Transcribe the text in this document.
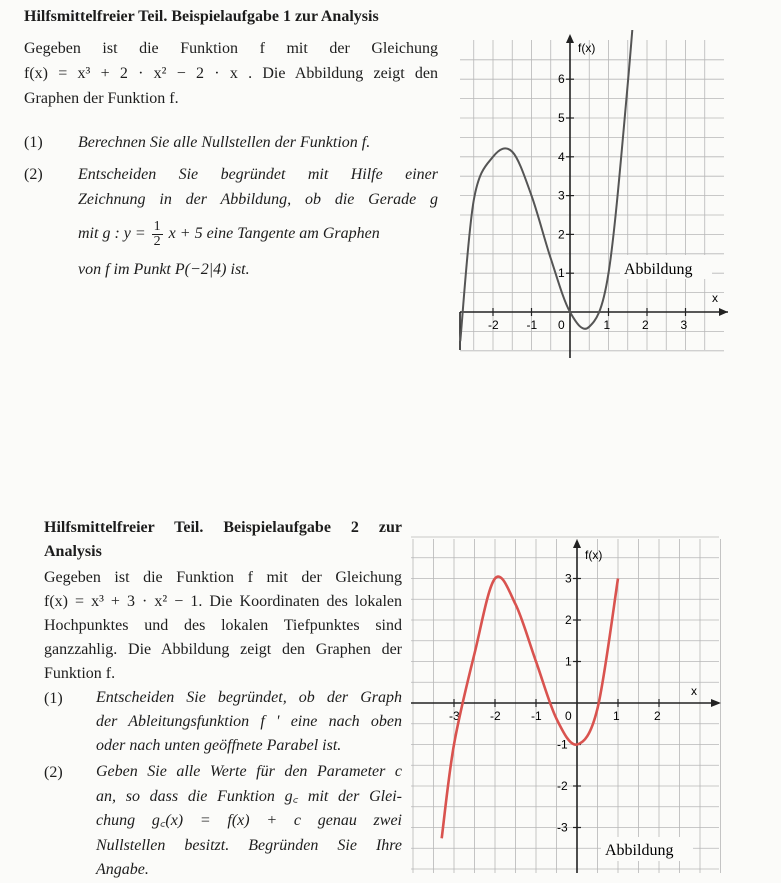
Hilfsmittelfreier Teil. Beispielaufgabe 1 zur Analysis
Gegeben ist die Funktion f mit der Gleichung
f(x) = x³ + 2 · x² − 2 · x . Die Abbildung zeigt den
Graphen der Funktion f.
(1) Berechnen Sie alle Nullstellen der Funktion f.
(2) Entscheiden Sie begründet mit Hilfe einer
Zeichnung in der Abbildung, ob die Gerade g
mit g : $y = \frac{1}{2}$ x + 5 eine Tangente am Graphen
von f im Punkt P(−2|4) ist.
-2 -1 0	1	2	3
1
2
3
4
5
6
f(x)
x
Abbildung
Hilfsmittelfreier Teil. Beispielaufgabe 2 zur
Analysis
Gegeben ist die Funktion f mit der Gleichung
f(x) = x³ + 3 · x² − 1. Die Koordinaten des lokalen
Hochpunktes und des lokalen Tiefpunktes sind
ganzzahlig. Die Abbildung zeigt den Graphen der
Funktion f.
(1) Entscheiden Sie begründet, ob der Graph
der Ableitungsfunktion f ' eine nach oben
oder nach unten geöffnete Parabel ist.
(2) Geben Sie alle Werte für den Parameter c
an, so dass die Funktion g꜀ mit der Glei-
chung g꜀(x) = f(x) + c genau zwei
Nullstellen besitzt. Begründen Sie Ihre
Angabe.
-3	-2	-1 0	1	2
3
2
1
-1
-2
-3
f(x)
x
Abbildung
